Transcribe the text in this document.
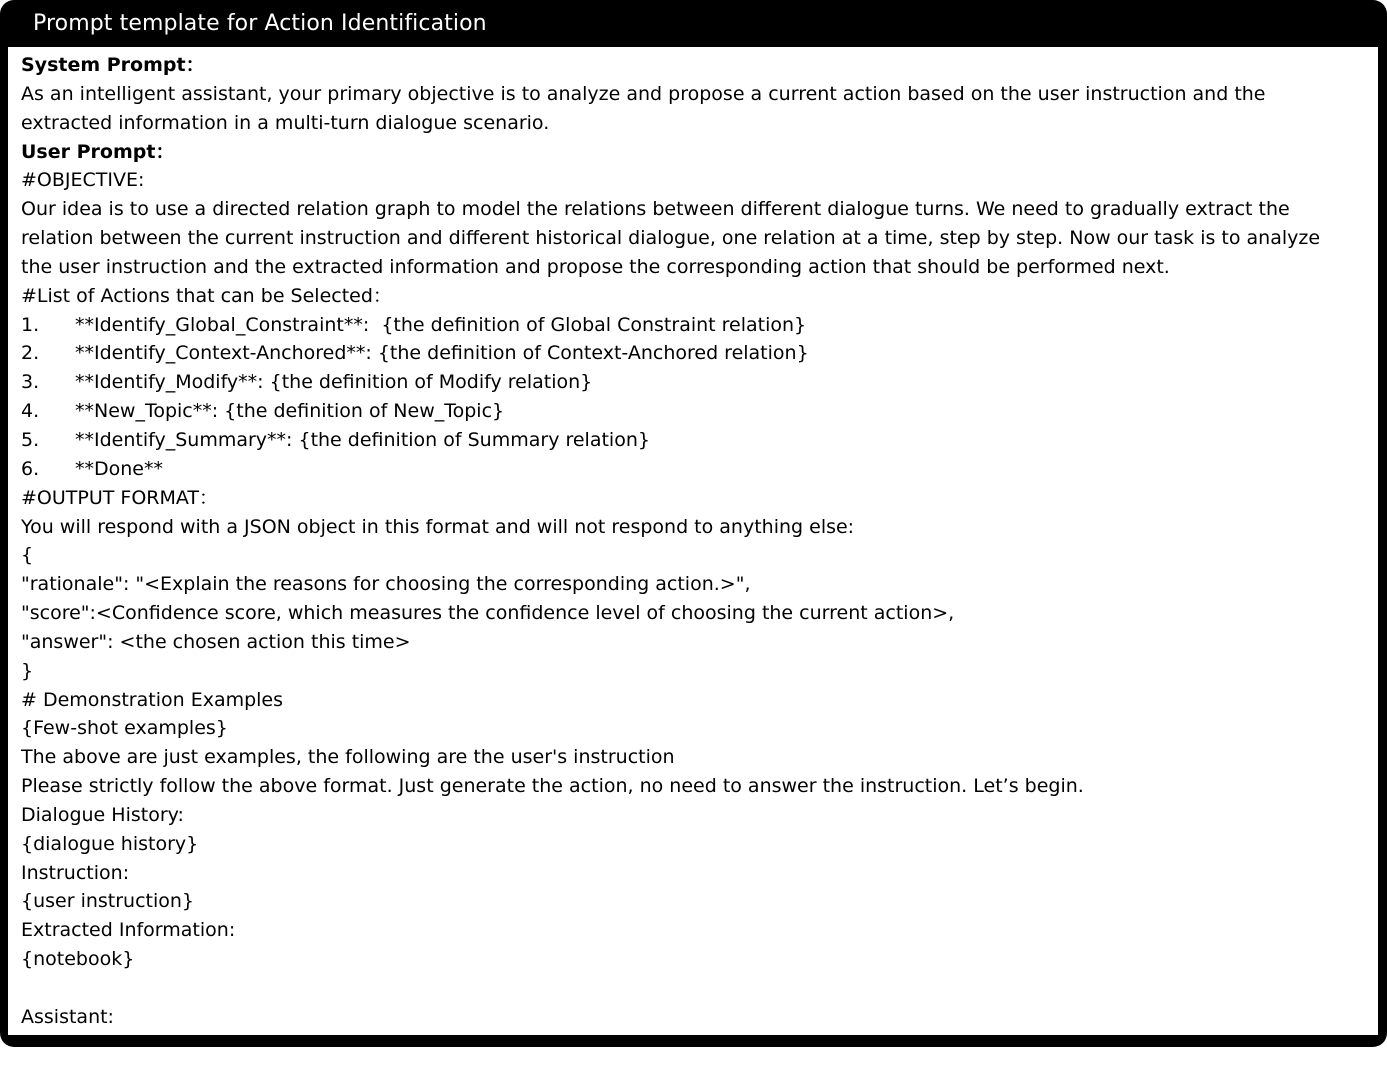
Prompt template for Action Identification
System Prompt：
As an intelligent assistant, your primary objective is to analyze and propose a current action based on the user instruction and the
extracted information in a multi-turn dialogue scenario.
User Prompt：
#OBJECTIVE:
Our idea is to use a directed relation graph to model the relations between different dialogue turns. We need to gradually extract the
relation between the current instruction and different historical dialogue, one relation at a time, step by step. Now our task is to analyze
the user instruction and the extracted information and propose the corresponding action that should be performed next.
#List of Actions that can be Selected：
1. **Identify_Global_Constraint**:  {the definition of Global Constraint relation}
2. **Identify_Context-Anchored**: {the definition of Context-Anchored relation}
3. **Identify_Modify**: {the definition of Modify relation}
4. **New_Topic**: {the definition of New_Topic}
5. **Identify_Summary**: {the definition of Summary relation}
6. **Done**
#OUTPUT FORMAT：
You will respond with a JSON object in this format and will not respond to anything else:
{
"rationale": "<Explain the reasons for choosing the corresponding action.>",
"score":<Confidence score, which measures the confidence level of choosing the current action>,
"answer": <the chosen action this time>
}
# Demonstration Examples
{Few-shot examples}
The above are just examples, the following are the user's instruction
Please strictly follow the above format. Just generate the action, no need to answer the instruction. Let’s begin.
Dialogue History:
{dialogue history}
Instruction:
{user instruction}
Extracted Information:
{notebook}
Assistant:
